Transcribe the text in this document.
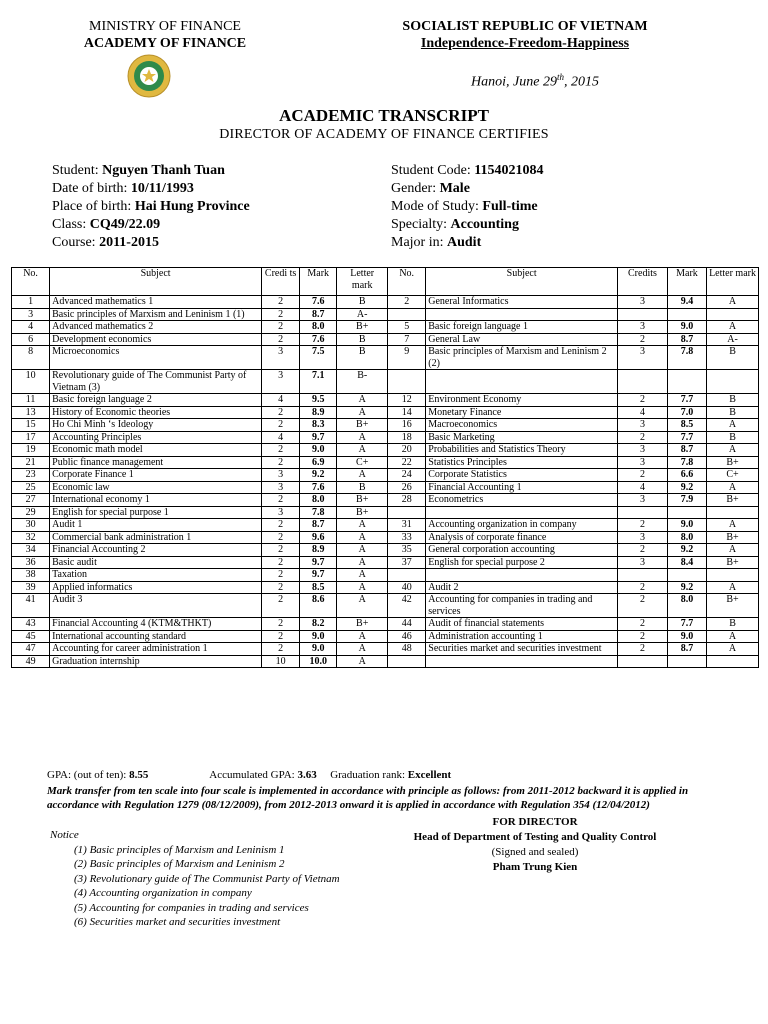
MINISTRY OF FINANCE
ACADEMY OF FINANCE
SOCIALIST REPUBLIC OF VIETNAM
Independence-Freedom-Happiness
Hanoi, June 29th, 2015
ACADEMIC TRANSCRIPT
DIRECTOR OF ACADEMY OF FINANCE CERTIFIES
Student: Nguyen Thanh Tuan
Date of birth: 10/11/1993
Place of birth: Hai Hung Province
Class: CQ49/22.09
Course: 2011-2015
Student Code: 1154021084
Gender: Male
Mode of Study: Full-time
Specialty: Accounting
Major in: Audit
No.	Subject	Credi ts	Mark	Letter mark	No.	Subject	Credits	Mark	Letter mark
1	Advanced mathematics 1	2	7.6	B	2	General Informatics	3	9.4	A
3	Basic principles of Marxism and Leninism 1 (1)	2	8.7	A-					
4	Advanced mathematics 2	2	8.0	B+	5	Basic foreign language 1	3	9.0	A
6	Development economics	2	7.6	B	7	General Law	2	8.7	A-
8	Microeconomics	3	7.5	B	9	Basic principles of Marxism and Leninism 2 (2)	3	7.8	B
10	Revolutionary guide of The Communist Party of Vietnam (3)	3	7.1	B-					
11	Basic foreign language 2	4	9.5	A	12	Environment Economy	2	7.7	B
13	History of Economic theories	2	8.9	A	14	Monetary Finance	4	7.0	B
15	Ho Chi Minh ‘s Ideology	2	8.3	B+	16	Macroeconomics	3	8.5	A
17	Accounting Principles	4	9.7	A	18	Basic Marketing	2	7.7	B
19	Economic math model	2	9.0	A	20	Probabilities and Statistics Theory	3	8.7	A
21	Public finance management	2	6.9	C+	22	Statistics Principles	3	7.8	B+
23	Corporate Finance 1	3	9.2	A	24	Corporate Statistics	2	6.6	C+
25	Economic law	3	7.6	B	26	Financial Accounting 1	4	9.2	A
27	International economy 1	2	8.0	B+	28	Econometrics	3	7.9	B+
29	English for special purpose 1	3	7.8	B+					
30	Audit 1	2	8.7	A	31	Accounting organization in company	2	9.0	A
32	Commercial bank administration 1	2	9.6	A	33	Analysis of corporate finance	3	8.0	B+
34	Financial Accounting 2	2	8.9	A	35	General corporation accounting	2	9.2	A
36	Basic audit	2	9.7	A	37	English for special purpose 2	3	8.4	B+
38	Taxation	2	9.7	A					
39	Applied informatics	2	8.5	A	40	Audit 2	2	9.2	A
41	Audit 3	2	8.6	A	42	Accounting for companies in trading and services	2	8.0	B+
43	Financial Accounting 4 (KTM&THKT)	2	8.2	B+	44	Audit of financial statements	2	7.7	B
45	International accounting standard	2	9.0	A	46	Administration accounting 1	2	9.0	A
47	Accounting for career administration 1	2	9.0	A	48	Securities market and securities investment	2	8.7	A
49	Graduation internship	10	10.0	A					
GPA: (out of ten): 8.55	Accumulated GPA: 3.63 Graduation rank: Excellent
Mark transfer from ten scale into four scale is implemented in accordance with principle as follows: from 2011-2012 backward it is applied in accordance with Regulation 1279 (08/12/2009), from 2012-2013 onward it is applied in accordance with Regulation 354 (12/04/2012)
Notice
(1) Basic principles of Marxism and Leninism 1
(2) Basic principles of Marxism and Leninism 2
(3) Revolutionary guide of The Communist Party of Vietnam
(4) Accounting organization in company
(5) Accounting for companies in trading and services
(6) Securities market and securities investment
FOR DIRECTOR
Head of Department of Testing and Quality Control
(Signed and sealed)
Pham Trung Kien
